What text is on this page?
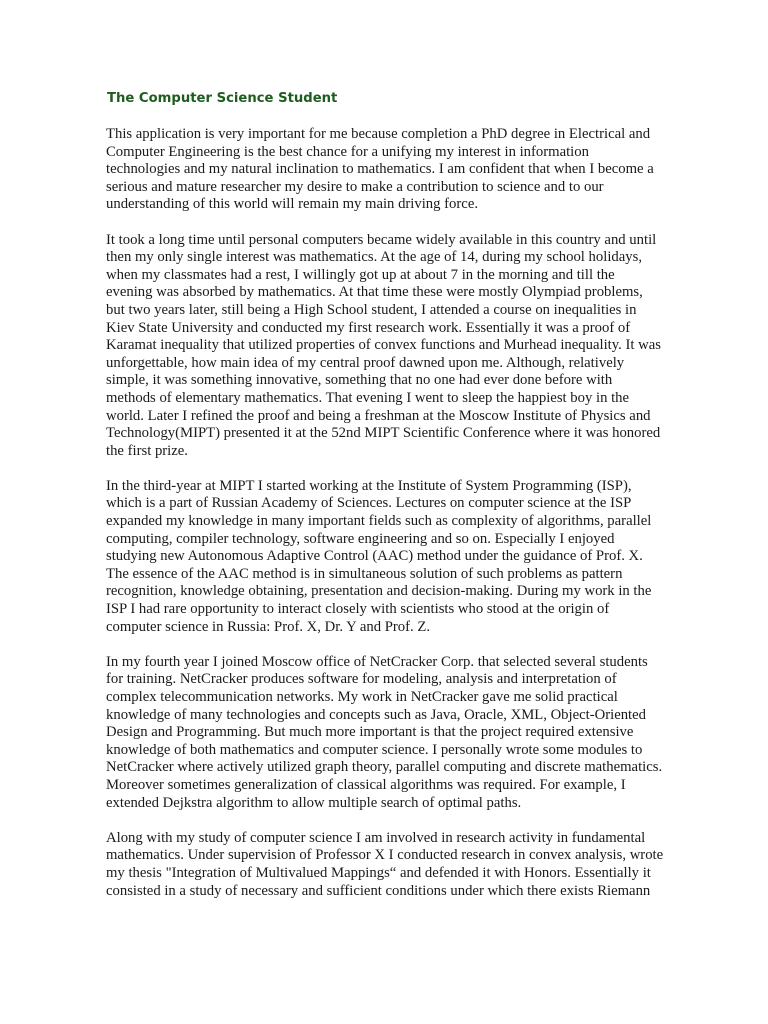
The Computer Science Student

This application is very important for me because completion a PhD degree in Electrical and
Computer Engineering is the best chance for a unifying my interest in information
technologies and my natural inclination to mathematics. I am confident that when I become a
serious and mature researcher my desire to make a contribution to science and to our
understanding of this world will remain my main driving force.

It took a long time until personal computers became widely available in this country and until
then my only single interest was mathematics. At the age of 14, during my school holidays,
when my classmates had a rest, I willingly got up at about 7 in the morning and till the
evening was absorbed by mathematics. At that time these were mostly Olympiad problems,
but two years later, still being a High School student, I attended a course on inequalities in
Kiev State University and conducted my first research work. Essentially it was a proof of
Karamat inequality that utilized properties of convex functions and Murhead inequality. It was
unforgettable, how main idea of my central proof dawned upon me. Although, relatively
simple, it was something innovative, something that no one had ever done before with
methods of elementary mathematics. That evening I went to sleep the happiest boy in the
world. Later I refined the proof and being a freshman at the Moscow Institute of Physics and
Technology(MIPT) presented it at the 52nd MIPT Scientific Conference where it was honored
the first prize.

In the third-year at MIPT I started working at the Institute of System Programming (ISP),
which is a part of Russian Academy of Sciences. Lectures on computer science at the ISP
expanded my knowledge in many important fields such as complexity of algorithms, parallel
computing, compiler technology, software engineering and so on. Especially I enjoyed
studying new Autonomous Adaptive Control (AAC) method under the guidance of Prof. X.
The essence of the AAC method is in simultaneous solution of such problems as pattern
recognition, knowledge obtaining, presentation and decision-making. During my work in the
ISP I had rare opportunity to interact closely with scientists who stood at the origin of
computer science in Russia: Prof. X, Dr. Y and Prof. Z.

In my fourth year I joined Moscow office of NetCracker Corp. that selected several students
for training. NetCracker produces software for modeling, analysis and interpretation of
complex telecommunication networks. My work in NetCracker gave me solid practical
knowledge of many technologies and concepts such as Java, Oracle, XML, Object-Oriented
Design and Programming. But much more important is that the project required extensive
knowledge of both mathematics and computer science. I personally wrote some modules to
NetCracker where actively utilized graph theory, parallel computing and discrete mathematics.
Moreover sometimes generalization of classical algorithms was required. For example, I
extended Dejkstra algorithm to allow multiple search of optimal paths.

Along with my study of computer science I am involved in research activity in fundamental
mathematics. Under supervision of Professor X I conducted research in convex analysis, wrote
my thesis "Integration of Multivalued Mappings“ and defended it with Honors. Essentially it
consisted in a study of necessary and sufficient conditions under which there exists Riemann
